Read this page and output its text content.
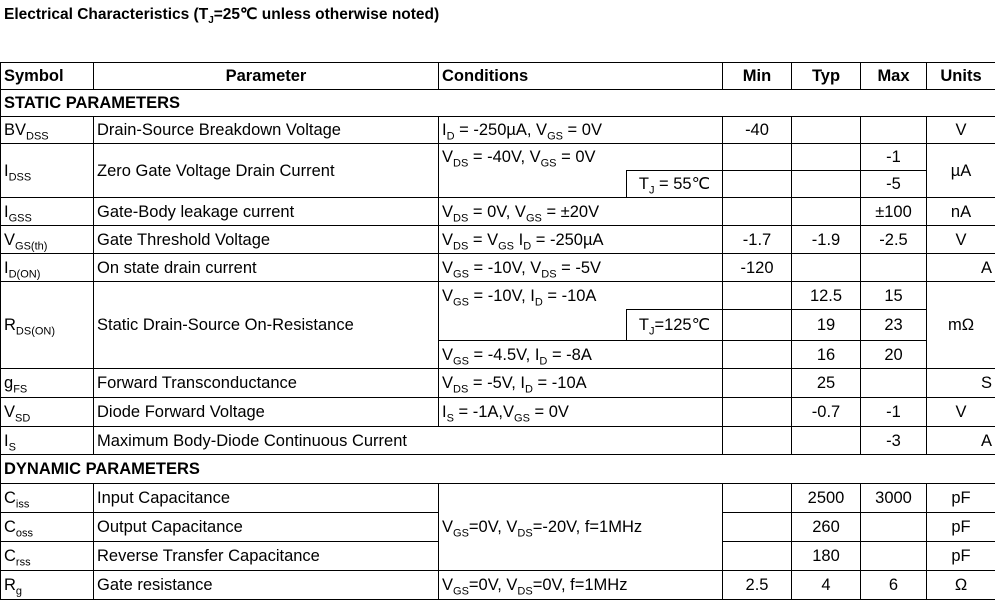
Electrical Characteristics ($T_J=25℃$ unless otherwise noted)
Symbol	Parameter	Conditions		Min	Typ	Max	Units
STATIC PARAMETERS							
$BV_{DSS}$	Drain-Source Breakdown Voltage	$I_D = -250\mu A$, $V_{GS} = 0V$		-40			V
$I_{DSS}$	Zero Gate Voltage Drain Current	$V_{DS} = -40V$, $V_{GS} = 0V$				-1	µA
			$T_J$ = 55℃			-5	
$I_{GSS}$	Gate-Body leakage current	$V_{DS} = 0V$, $V_{GS} = \pm 20V$				±100	nA
$V_{GS(th)}$	Gate Threshold Voltage	$V_{DS} = V_{GS}$ $I_D = -250\mu A$		-1.7	-1.9	-2.5	V
$I_{D(ON)}$	On state drain current	$V_{GS} = -10V$, $V_{DS} = -5V$		-120			A
$R_{DS(ON)}$	Static Drain-Source On-Resistance	$V_{GS} = -10V$, $I_D = -10A$			12.5	15	mΩ
			$T_J=125℃$		19	23	
		$V_{GS} = -4.5V$, $I_D = -8A$			16	20	
$g_{FS}$	Forward Transconductance	$V_{DS} = -5V$, $I_D = -10A$			25		S
$V_{SD}$	Diode Forward Voltage	$I_S = -1A,V_{GS} = 0V$			-0.7	-1	V
$I_S$	Maximum Body-Diode Continuous Current					-3	A
DYNAMIC PARAMETERS							
$C_{iss}$	Input Capacitance	$V_{GS}=0V$, $V_{DS}=-20V$, f=1MHz			2500	3000	pF
$C_{oss}$	Output Capacitance				260		pF
$C_{rss}$	Reverse Transfer Capacitance				180		pF
$R_g$	Gate resistance	$V_{GS}=0V$, $V_{DS}=0V$, f=1MHz		2.5	4	6	Ω
